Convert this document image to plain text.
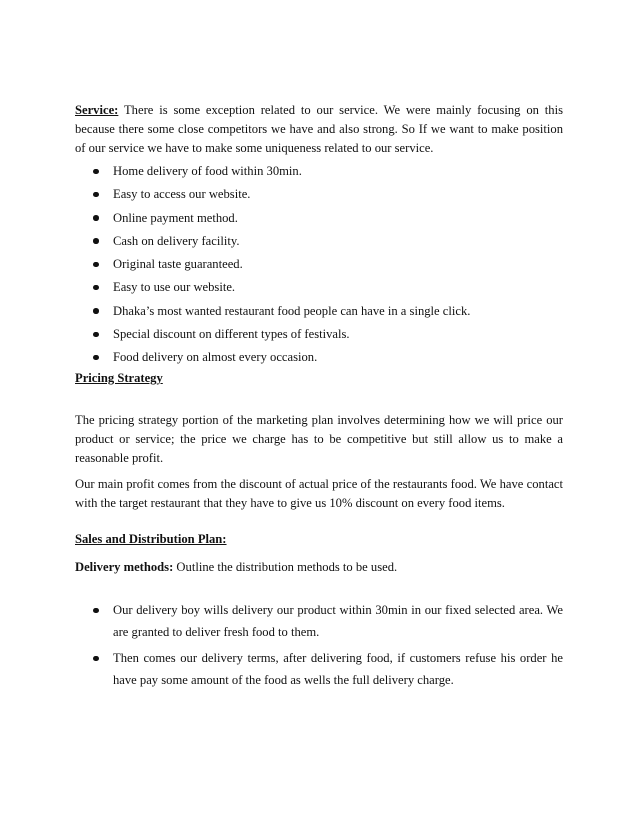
Service: There is some exception related to our service. We were mainly focusing on this because there some close competitors we have and also strong. So If we want to make position of our service we have to make some uniqueness related to our service.

Home delivery of food within 30min.
Easy to access our website.
Online payment method.
Cash on delivery facility.
Original taste guaranteed.
Easy to use our website.
Dhaka’s most wanted restaurant food people can have in a single click.
Special discount on different types of festivals.
Food delivery on almost every occasion.

Pricing Strategy

The pricing strategy portion of the marketing plan involves determining how we will price our product or service; the price we charge has to be competitive but still allow us to make a reasonable profit.

Our main profit comes from the discount of actual price of the restaurants food. We have contact with the target restaurant that they have to give us 10% discount on every food items.

Sales and Distribution Plan:

Delivery methods: Outline the distribution methods to be used.

Our delivery boy wills delivery our product within 30min in our fixed selected area. We are granted to deliver fresh food to them.
Then comes our delivery terms, after delivering food, if customers refuse his order he have pay some amount of the food as wells the full delivery charge.
